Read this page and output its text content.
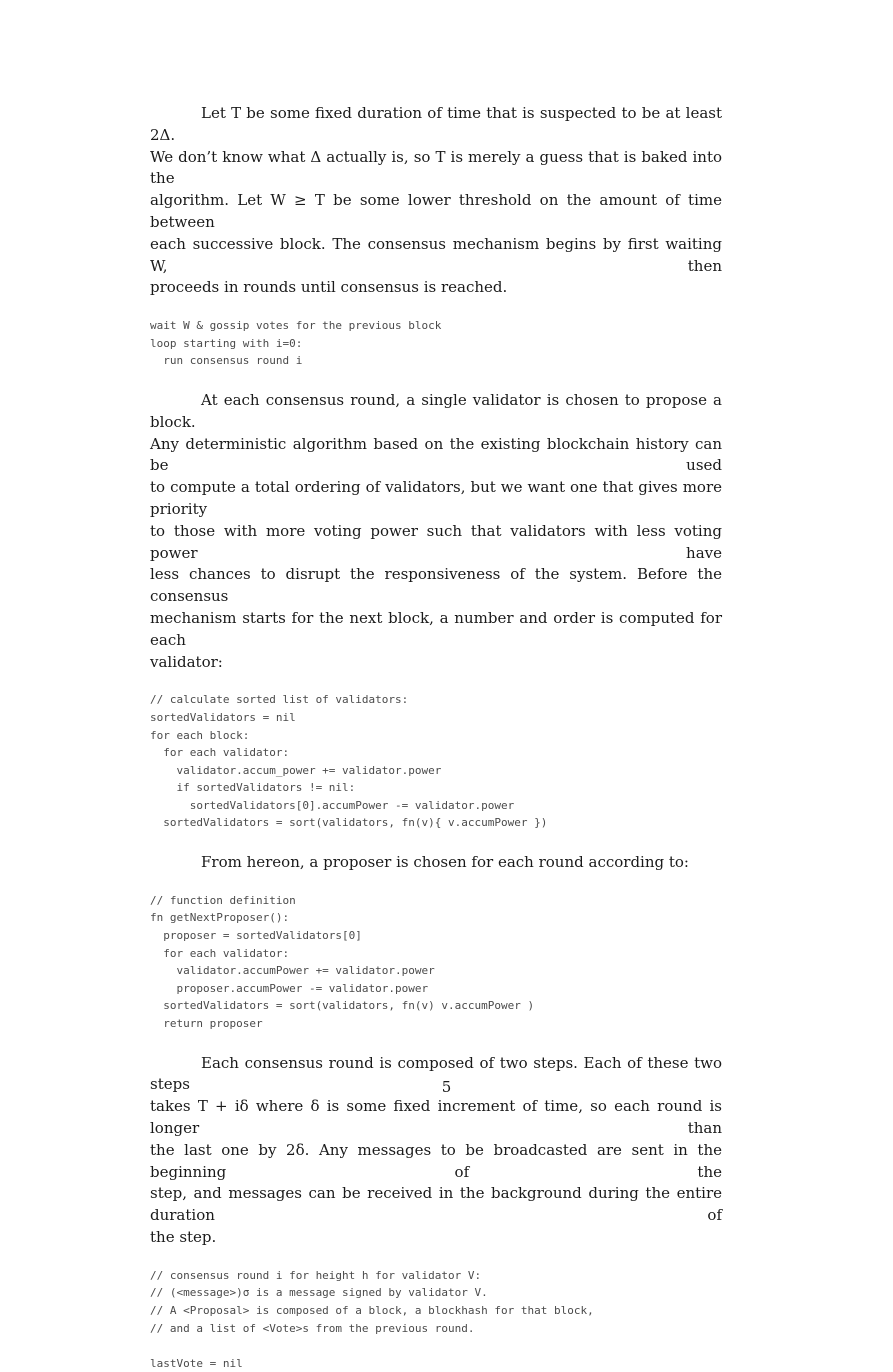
Let T be some fixed duration of time that is suspected to be at least 2Δ.
We don’t know what Δ actually is, so T is merely a guess that is baked into the
algorithm. Let W ≥ T be some lower threshold on the amount of time between
each successive block. The consensus mechanism begins by first waiting W, then
proceeds in rounds until consensus is reached.

wait W & gossip votes for the previous block
loop starting with i=0:
run consensus round i

At each consensus round, a single validator is chosen to propose a block.
Any deterministic algorithm based on the existing blockchain history can be used
to compute a total ordering of validators, but we want one that gives more priority
to those with more voting power such that validators with less voting power have
less chances to disrupt the responsiveness of the system. Before the consensus
mechanism starts for the next block, a number and order is computed for each
validator:

// calculate sorted list of validators:
sortedValidators = nil
for each block:
for each validator:
validator.accum_power += validator.power
if sortedValidators != nil:
sortedValidators[0].accumPower -= validator.power
sortedValidators = sort(validators, fn(v){ v.accumPower })

From hereon, a proposer is chosen for each round according to:

// function definition
fn getNextProposer():
proposer = sortedValidators[0]
for each validator:
validator.accumPower += validator.power
proposer.accumPower -= validator.power
sortedValidators = sort(validators, fn(v) v.accumPower )
return proposer

Each consensus round is composed of two steps. Each of these two steps
takes T + iδ where δ is some fixed increment of time, so each round is longer than
the last one by 2δ. Any messages to be broadcasted are sent in the beginning of the
step, and messages can be received in the background during the entire duration of
the step.

// consensus round i for height h for validator V:
// (<message>)σ is a message signed by validator V.
// A <Proposal> is composed of a block, a blockhash for that block,
// and a list of <Vote>s from the previous round.
lastVote = nil
5
